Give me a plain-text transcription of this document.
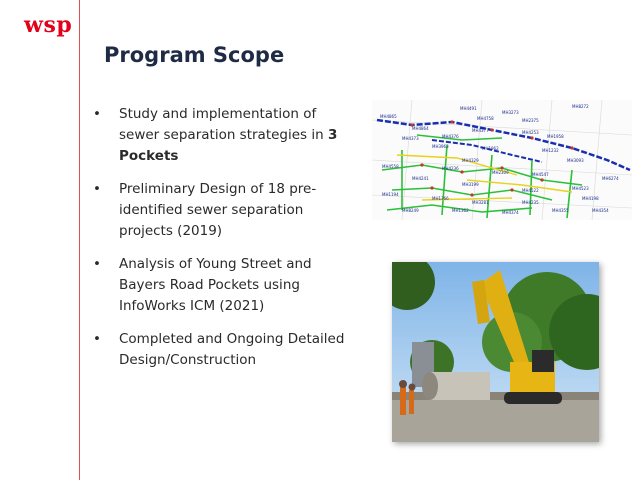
wsp
Program Scope
• Study and implementation of sewer separation strategies in 3 Pockets
• Preliminary Design of 18 pre-identified sewer separation projects (2019)
• Analysis of Young Street and Bayers Road Pockets using InfoWorks ICM (2021)
• Completed and Ongoing Detailed Design/Construction
MH4491
MH3273
MH8272
MH4758	MH2375
MH4865
MH4864
MH4373	MH4376
MH4377	MH4253
MH1958
MH3963	MH1962	MH1232
MH4329	MH3093
MH4558	MH4236
MH2309	MH4547
MH4241
MH3199
MH4522	MH4523
MH1194
MH1366
MH3281	MH4235
MH4198
MH8249	MH1362	MH4374	MH4355
MH6274
MH4354
